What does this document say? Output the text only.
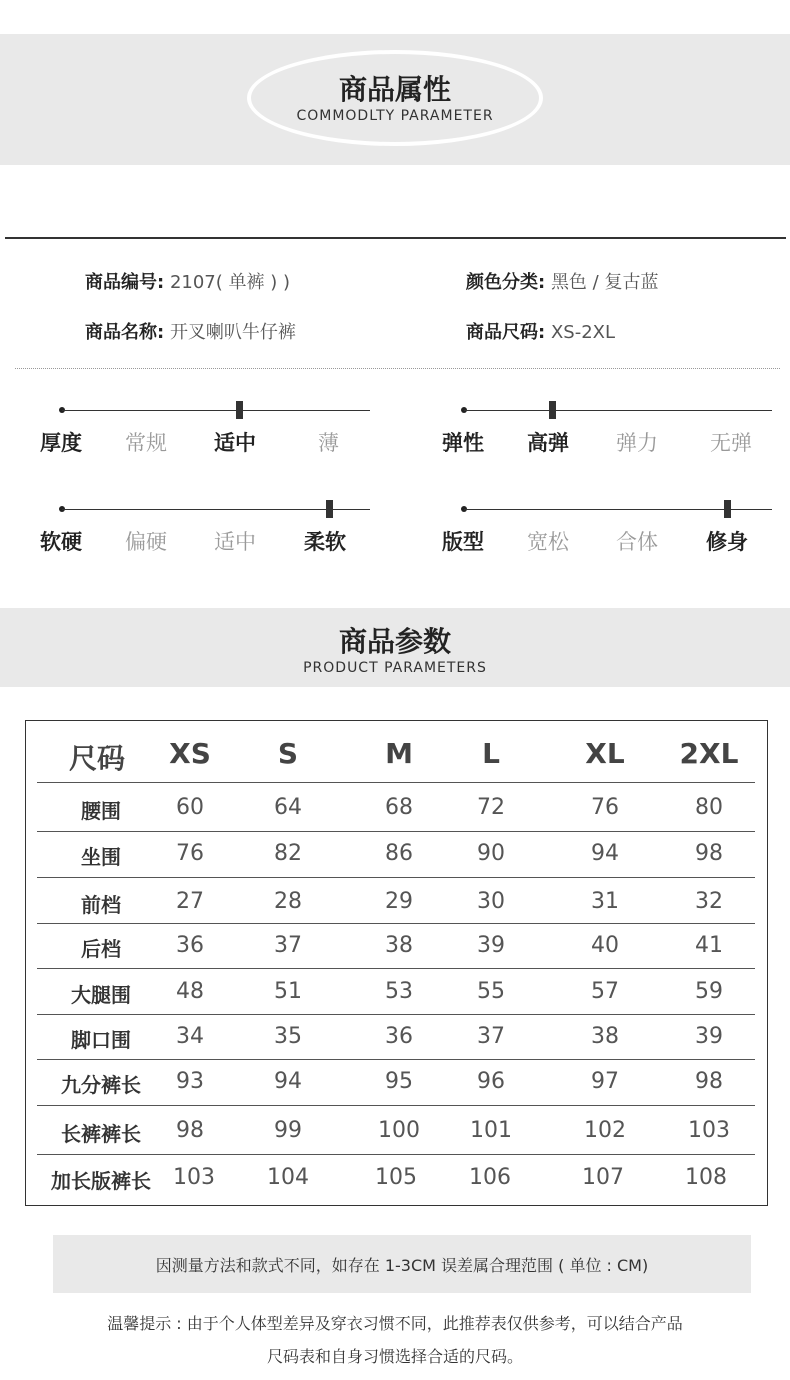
商品属性
COMMODLTY PARAMETER
商品编号: 2107( 单裤 ) )	颜色分类: 黑色 / 复古蓝
商品名称: 开叉喇叭牛仔裤	商品尺码: XS-2XL
厚度 常规 适中	薄	弹性 高弹 弹力 无弹
软硬 偏硬 适中 柔软	版型 宽松 合体 修身
商品参数
PRODUCT PARAMETERS
尺码	XS	S	M	L	XL	2XL
腰围	60	64	68	72	76	80
坐围	76	82	86	90	94	98
前档	27	28	29	30	31	32
后档	36	37	38	39	40	41
大腿围	48	51	53	55	57	59
脚口围	34	35	36	37	38	39
九分裤长	93	94	95	96	97	98
长裤裤长	98	99	100	101	102	103
加长版裤长	103	104	105	106	107	108
因测量方法和款式不同，如存在 1-3CM 误差属合理范围 ( 单位 : CM)
温馨提示 : 由于个人体型差异及穿衣习惯不同，此推荐表仅供参考，可以结合产品
尺码表和自身习惯选择合适的尺码。
